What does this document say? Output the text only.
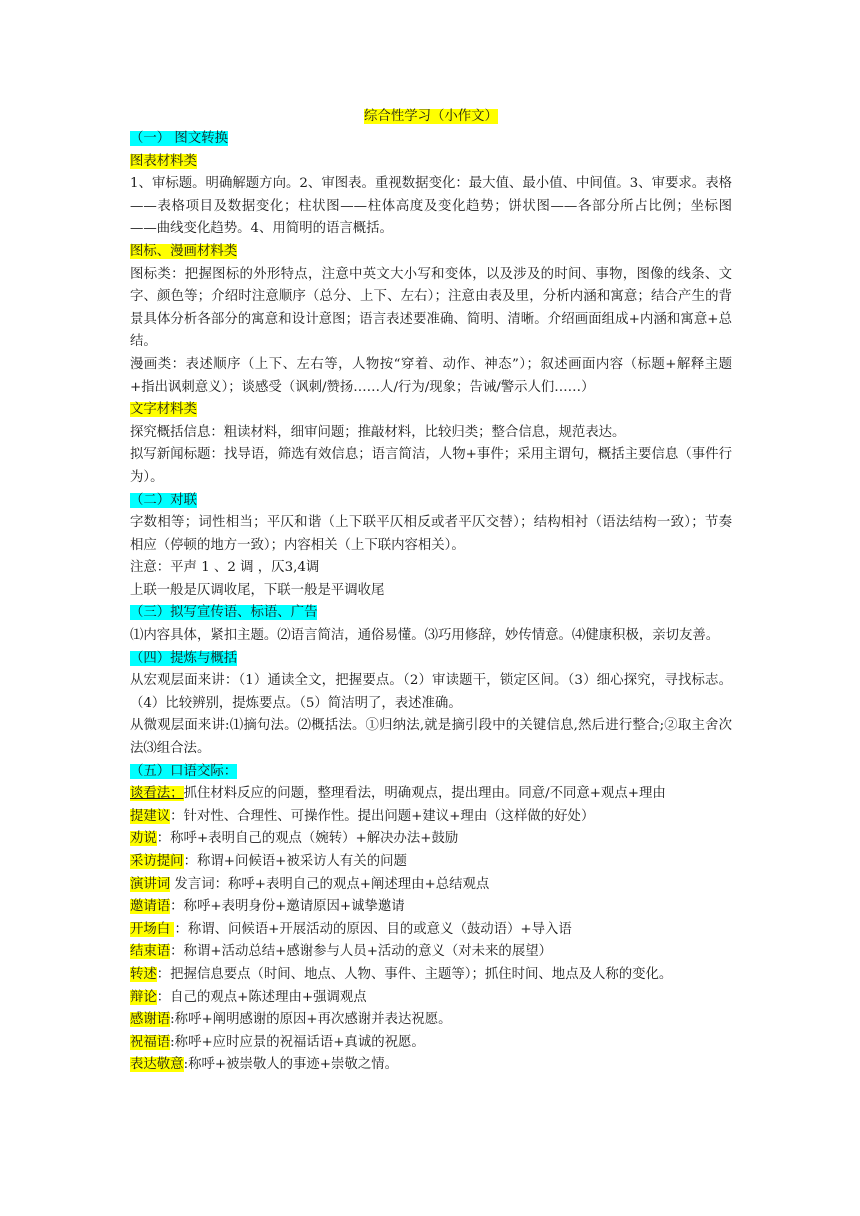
综合性学习（小作文）

（一） 图文转换

图表材料类

1、审标题。明确解题方向。2、审图表。重视数据变化：最大值、最小值、中间值。3、审要求。表格——表格项目及数据变化；柱状图——柱体高度及变化趋势；饼状图——各部分所占比例；坐标图——曲线变化趋势。4、用简明的语言概括。

图标、漫画材料类

图标类：把握图标的外形特点，注意中英文大小写和变体，以及涉及的时间、事物，图像的线条、文字、颜色等；介绍时注意顺序（总分、上下、左右）；注意由表及里，分析内涵和寓意；结合产生的背景具体分析各部分的寓意和设计意图；语言表述要准确、简明、清晰。介绍画面组成+内涵和寓意+总结。

漫画类：表述顺序（上下、左右等，人物按“穿着、动作、神态”）；叙述画面内容（标题+解释主题+指出讽刺意义）；谈感受（讽刺/赞扬……人/行为/现象；告诫/警示人们……）

文字材料类

探究概括信息：粗读材料，细审问题；推敲材料，比较归类；整合信息，规范表达。

拟写新闻标题：找导语，筛选有效信息；语言简洁，人物+事件；采用主谓句，概括主要信息（事件行为）。

（二）对联

字数相等；词性相当；平仄和谐（上下联平仄相反或者平仄交替）；结构相衬（语法结构一致）；节奏相应（停顿的地方一致）；内容相关（上下联内容相关）。

注意：平声 1 、2 调 ，仄3,4调

上联一般是仄调收尾，下联一般是平调收尾

（三）拟写宣传语、标语、广告

⑴内容具体，紧扣主题。⑵语言简洁，通俗易懂。⑶巧用修辞，妙传情意。⑷健康积极，亲切友善。

（四）提炼与概括

从宏观层面来讲：（1）通读全文，把握要点。（2）审读题干，锁定区间。（3）细心探究，寻找标志。（4）比较辨别，提炼要点。（5）简洁明了，表述准确。

从微观层面来讲:⑴摘句法。⑵概括法。①归纳法,就是摘引段中的关键信息,然后进行整合;②取主舍次法⑶组合法。

（五）口语交际：

谈看法；抓住材料反应的问题，整理看法，明确观点，提出理由。同意/不同意+观点+理由

提建议：针对性、合理性、可操作性。提出问题+建议+理由（这样做的好处）

劝说：称呼+表明自己的观点（婉转）+解决办法+鼓励

采访提问：称谓+问候语+被采访人有关的问题

演讲词 发言词：称呼+表明自己的观点+阐述理由+总结观点

邀请语：称呼+表明身份+邀请原因+诚挚邀请

开场白 ：称谓、问候语+开展活动的原因、目的或意义（鼓动语）+导入语

结束语：称谓+活动总结+感谢参与人员+活动的意义（对未来的展望）

转述：把握信息要点（时间、地点、人物、事件、主题等）；抓住时间、地点及人称的变化。

辩论：自己的观点+陈述理由+强调观点

感谢语:称呼+阐明感谢的原因+再次感谢并表达祝愿。

祝福语:称呼+应时应景的祝福话语+真诚的祝愿。

表达敬意:称呼+被崇敬人的事迹+崇敬之情。
